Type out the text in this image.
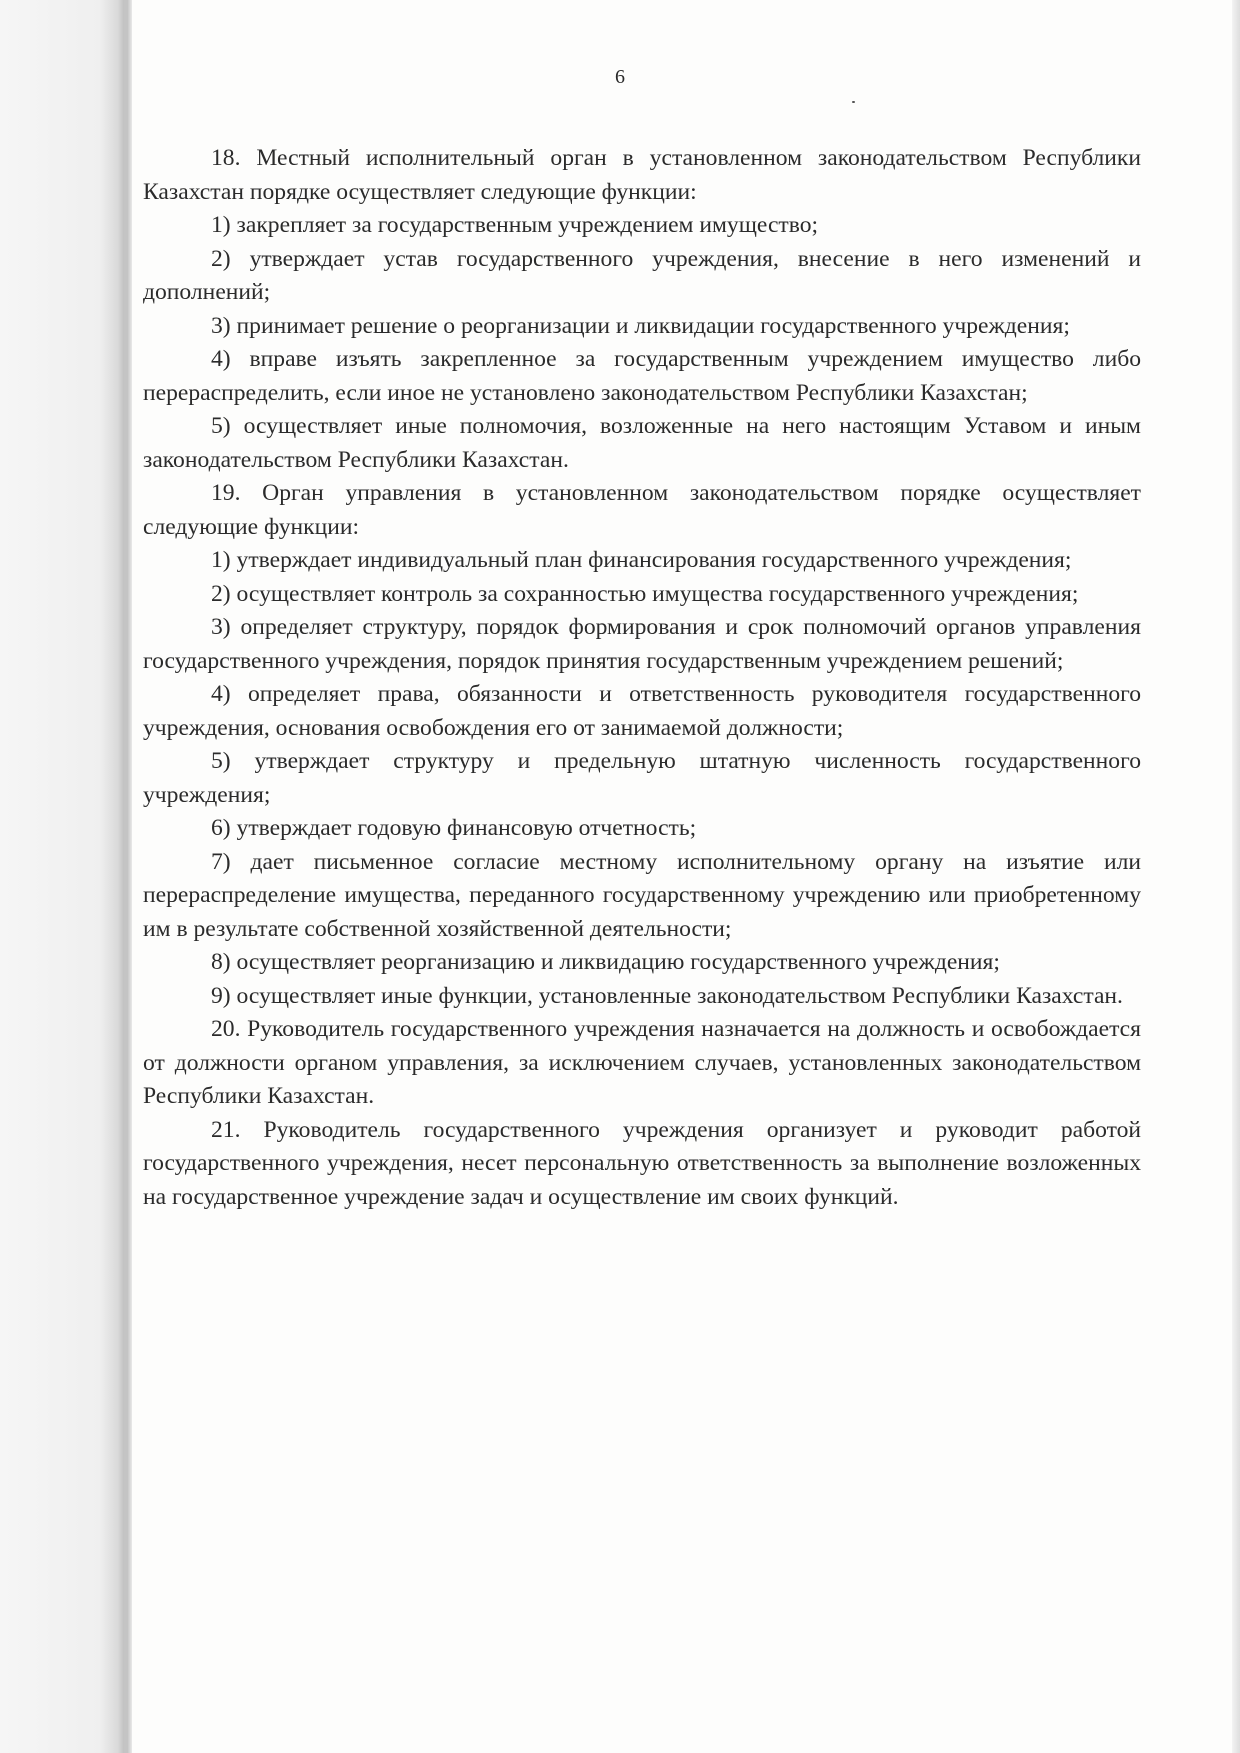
6

18. Местный исполнительный орган в установленном законодательством Республики Казахстан порядке осуществляет следующие функции:

1) закрепляет за государственным учреждением имущество;

2) утверждает устав государственного учреждения, внесение в него изменений и дополнений;

3) принимает решение о реорганизации и ликвидации государственного учреждения;

4) вправе изъять закрепленное за государственным учреждением имущество либо перераспределить, если иное не установлено законодательством Республики Казахстан;

5) осуществляет иные полномочия, возложенные на него настоящим Уставом и иным законодательством Республики Казахстан.

19. Орган управления в установленном законодательством порядке осуществляет следующие функции:

1) утверждает индивидуальный план финансирования государственного учреждения;

2) осуществляет контроль за сохранностью имущества государственного учреждения;

3) определяет структуру, порядок формирования и срок полномочий органов управления государственного учреждения, порядок принятия государственным учреждением решений;

4) определяет права, обязанности и ответственность руководителя государственного учреждения, основания освобождения его от занимаемой должности;

5) утверждает структуру и предельную штатную численность государственного учреждения;

6) утверждает годовую финансовую отчетность;

7) дает письменное согласие местному исполнительному органу на изъятие или перераспределение имущества, переданного государственному учреждению или приобретенному им в результате собственной хозяйственной деятельности;

8) осуществляет реорганизацию и ликвидацию государственного учреждения;

9) осуществляет иные функции, установленные законодательством Республики Казахстан.

20. Руководитель государственного учреждения назначается на должность и освобождается от должности органом управления, за исключением случаев, установленных законодательством Республики Казахстан.

21. Руководитель государственного учреждения организует и руководит работой государственного учреждения, несет персональную ответственность за выполнение возложенных на государственное учреждение задач и осуществление им своих функций.
